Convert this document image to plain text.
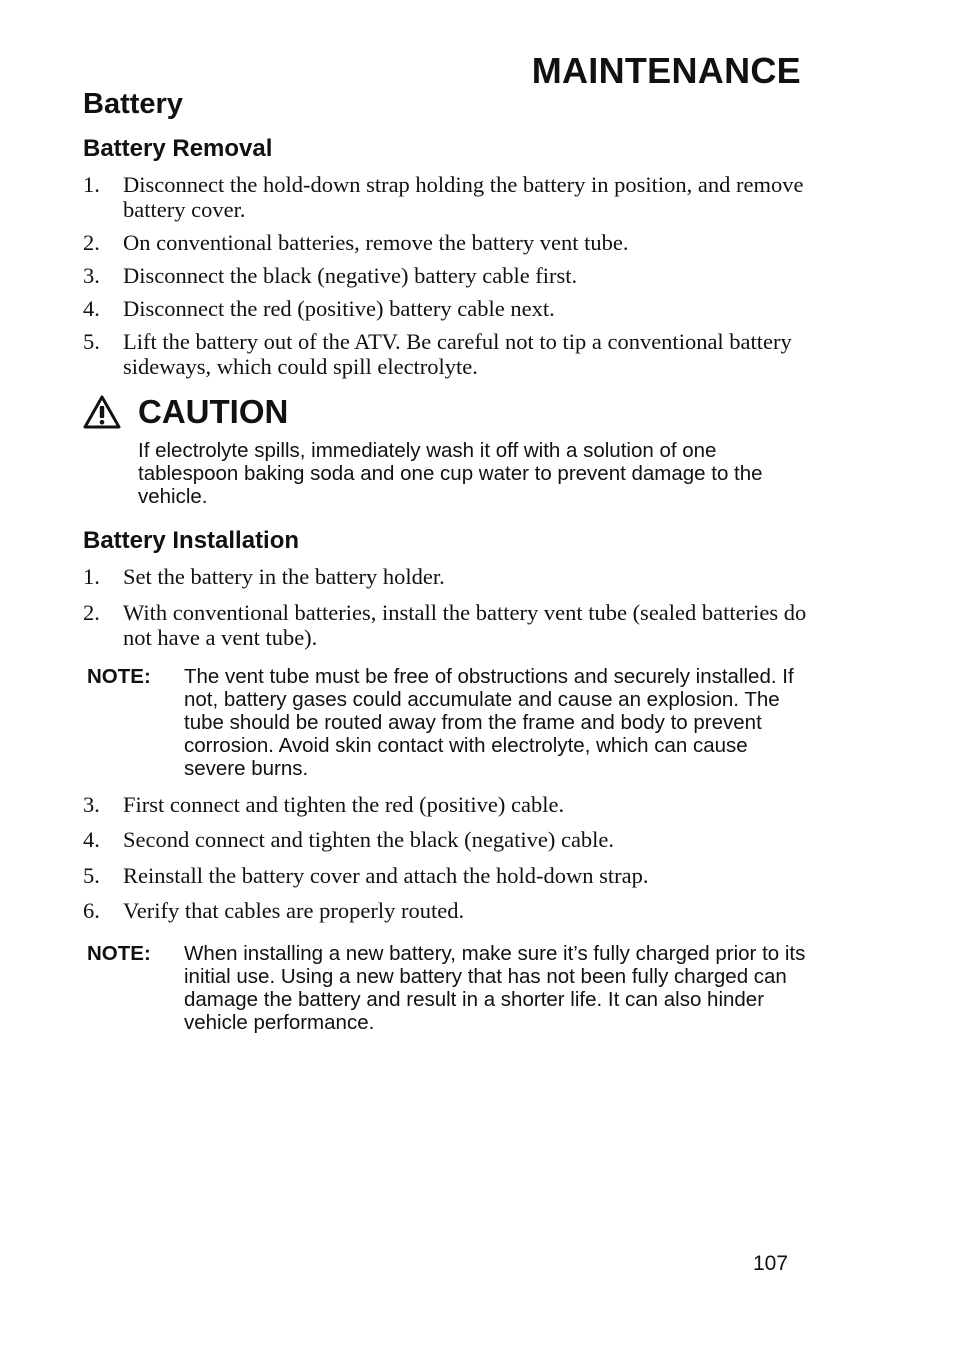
MAINTENANCE
Battery
Battery Removal
1.	Disconnect the hold-down strap holding the battery in position, and remove battery cover.
2.	On conventional batteries, remove the battery vent tube.
3.	Disconnect the black (negative) battery cable first.
4.	Disconnect the red (positive) battery cable next.
5.	Lift the battery out of the ATV. Be careful not to tip a conventional battery sideways, which could spill electrolyte.
CAUTION
If electrolyte spills, immediately wash it off with a solution of one tablespoon baking soda and one cup water to prevent damage to the vehicle.
Battery Installation
1.	Set the battery in the battery holder.
2.	With conventional batteries, install the battery vent tube (sealed batteries do not have a vent tube).
NOTE: The vent tube must be free of obstructions and securely installed. If not, battery gases could accumulate and cause an explosion. The tube should be routed away from the frame and body to prevent corrosion. Avoid skin contact with electrolyte, which can cause severe burns.
3.	First connect and tighten the red (positive) cable.
4.	Second connect and tighten the black (negative) cable.
5.	Reinstall the battery cover and attach the hold-down strap.
6.	Verify that cables are properly routed.
NOTE: When installing a new battery, make sure it’s fully charged prior to its initial use. Using a new battery that has not been fully charged can damage the battery and result in a shorter life. It can also hinder vehicle performance.
107
